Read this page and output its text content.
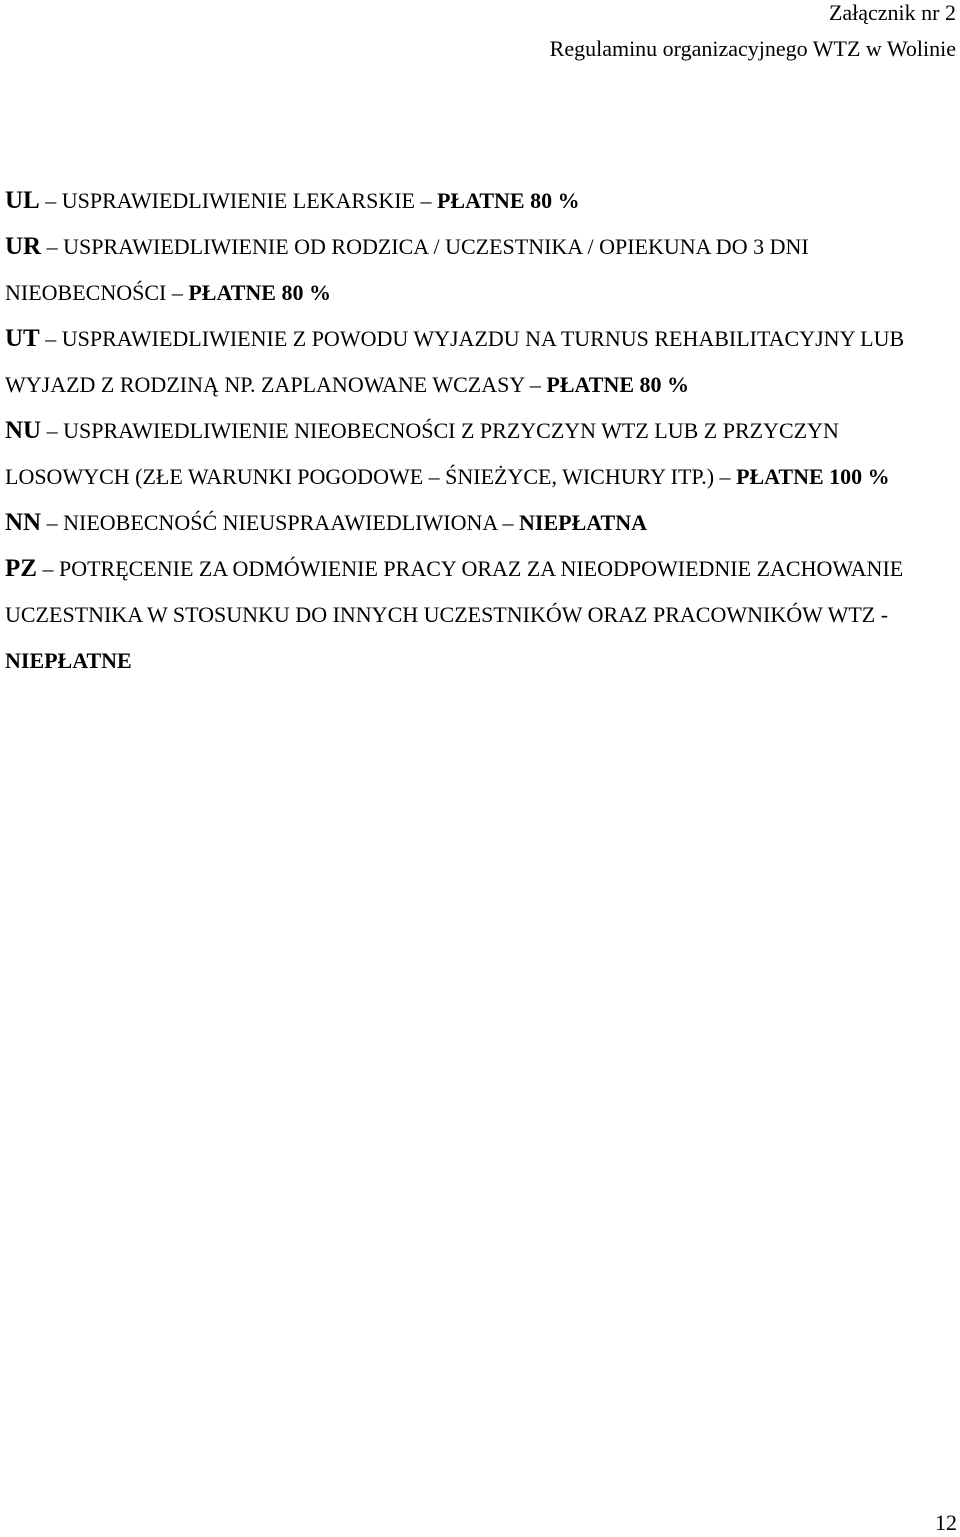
Załącznik nr 2
Regulaminu organizacyjnego WTZ w Wolinie

UL – USPRAWIEDLIWIENIE LEKARSKIE – PŁATNE 80 %

UR – USPRAWIEDLIWIENIE OD RODZICA / UCZESTNIKA / OPIEKUNA DO 3 DNI NIEOBECNOŚCI – PŁATNE 80 %

UT – USPRAWIEDLIWIENIE Z POWODU WYJAZDU NA TURNUS REHABILITACYJNY LUB WYJAZD Z RODZINĄ NP. ZAPLANOWANE WCZASY – PŁATNE 80 %

NU – USPRAWIEDLIWIENIE NIEOBECNOŚCI Z PRZYCZYN WTZ LUB Z PRZYCZYN LOSOWYCH (ZŁE WARUNKI POGODOWE – ŚNIEŻYCE, WICHURY ITP.) – PŁATNE 100 %

NN – NIEOBECNOŚĆ NIEUSPRAAWIEDLIWIONA – NIEPŁATNA

PZ – POTRĘCENIE ZA ODMÓWIENIE PRACY ORAZ ZA NIEODPOWIEDNIE ZACHOWANIE UCZESTNIKA W STOSUNKU DO INNYCH UCZESTNIKÓW ORAZ PRACOWNIKÓW WTZ - NIEPŁATNE

12
